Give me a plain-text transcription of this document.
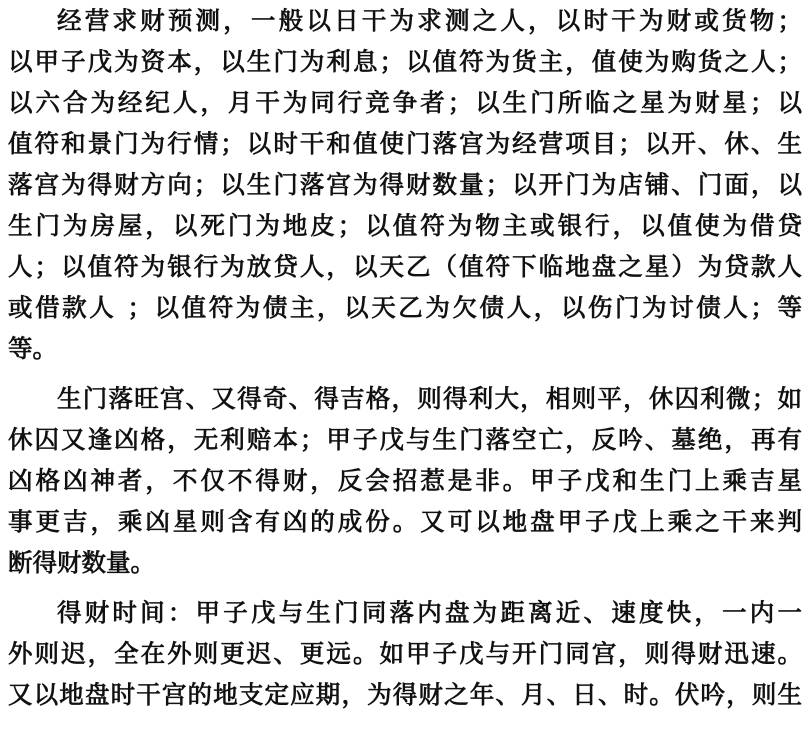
经营求财预测，一般以日干为求测之人，以时干为财或货物；
以甲子戊为资本，以生门为利息；以值符为货主，值使为购货之人；
以六合为经纪人，月干为同行竞争者；以生门所临之星为财星；以
值符和景门为行情；以时干和值使门落宫为经营项目；以开、休、生
落宫为得财方向；以生门落宫为得财数量；以开门为店铺、门面，以
生门为房屋，以死门为地皮；以值符为物主或银行，以值使为借贷
人；以值符为银行为放贷人，以天乙（值符下临地盘之星）为贷款人
或借款人 ；以值符为债主，以天乙为欠债人，以伤门为讨债人；等
等。
生门落旺宫、又得奇、得吉格，则得利大，相则平，休囚利微；如
休囚又逢凶格，无利赔本；甲子戊与生门落空亡，反吟、墓绝，再有
凶格凶神者，不仅不得财，反会招惹是非。甲子戊和生门上乘吉星
事更吉，乘凶星则含有凶的成份。又可以地盘甲子戊上乘之干来判
断得财数量。
得财时间：甲子戊与生门同落内盘为距离近、速度快，一内一
外则迟，全在外则更迟、更远。如甲子戊与开门同宫，则得财迅速。
又以地盘时干宫的地支定应期，为得财之年、月、日、时。伏吟，则生
